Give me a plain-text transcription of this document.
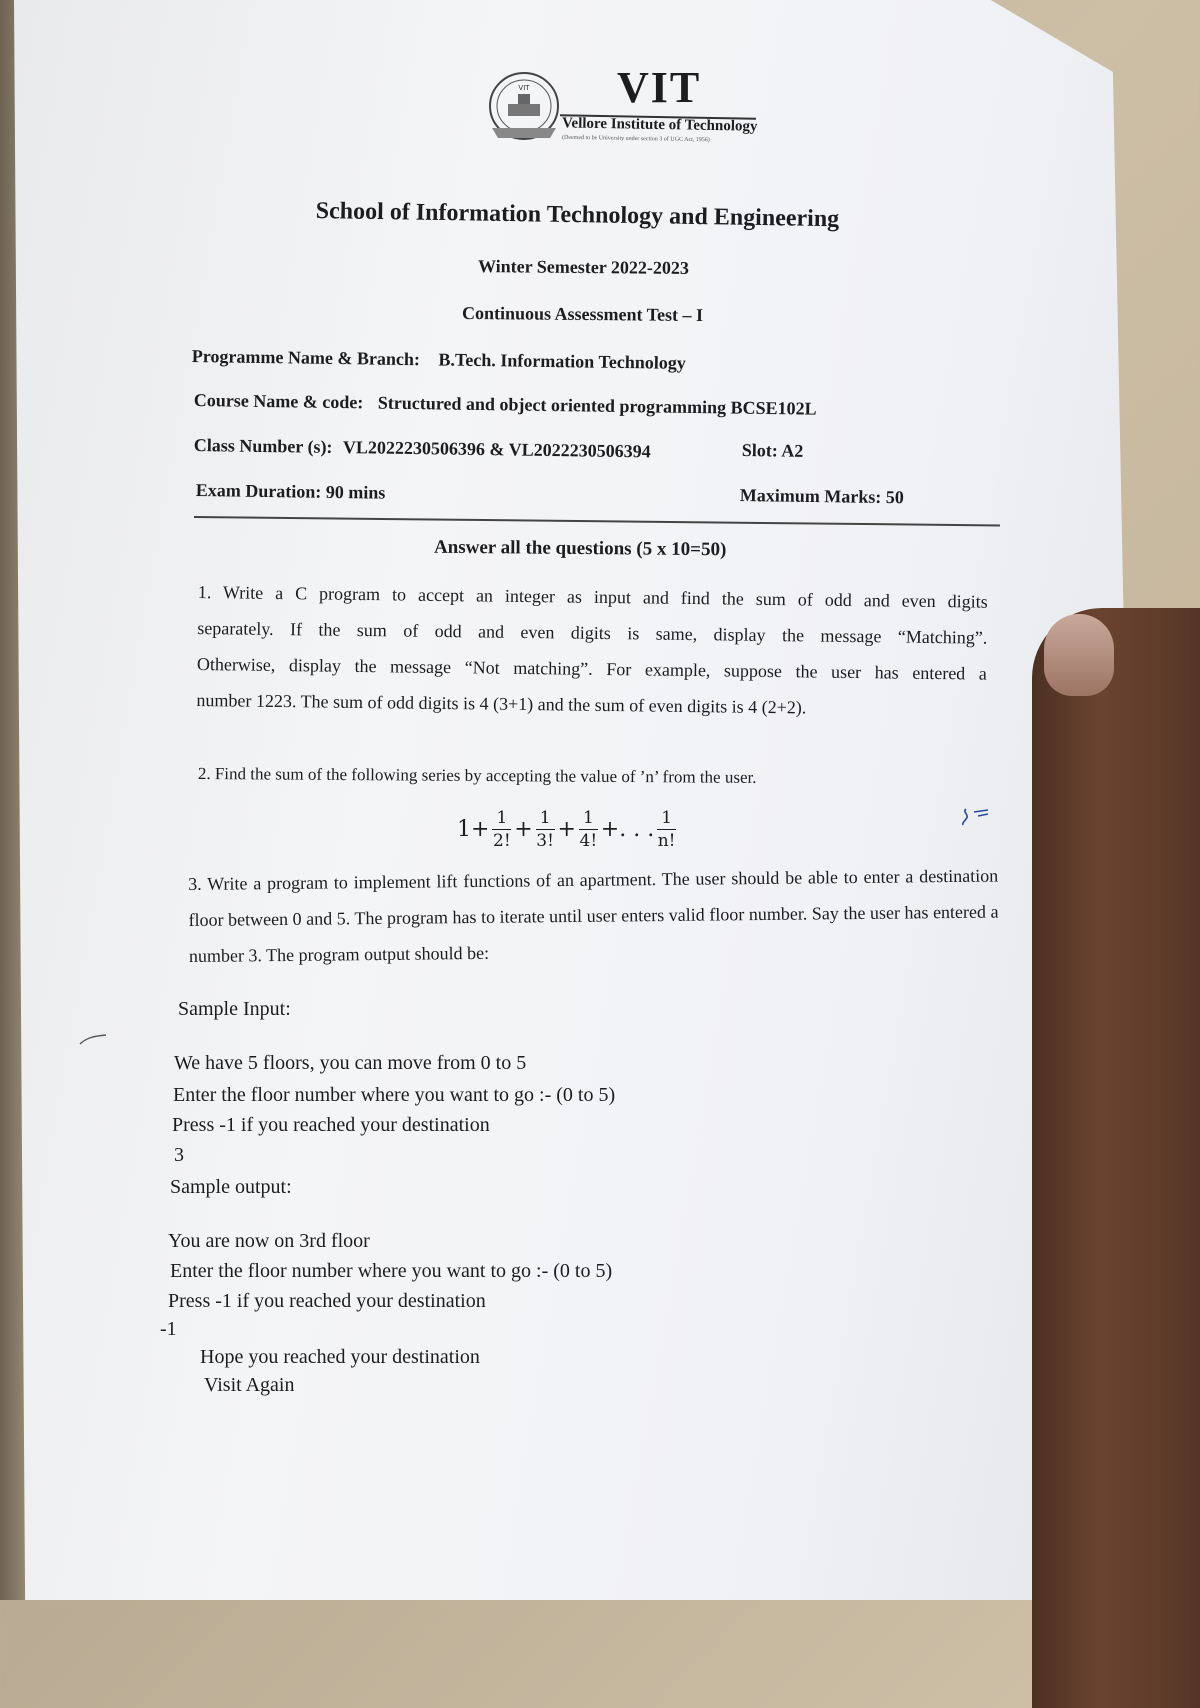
VIT VIT
Vellore Institute of Technology
(Deemed to be University under section 3 of UGC Act, 1956)
School of Information Technology and Engineering
Winter Semester 2022-2023
Continuous Assessment Test – I
Programme Name & Branch: B.Tech. Information Technology
Course Name & code: Structured and object oriented programming BCSE102L
Class Number (s): VL2022230506396 & VL2022230506394	Slot: A2
Exam Duration: 90 mins	Maximum Marks: 50
Answer all the questions (5 x 10=50)
1. Write a C program to accept an integer as input and find the sum of odd and even digits
separately. If the sum of odd and even digits is same, display the message “Matching”.
Otherwise, display the message “Not matching”. For example, suppose the user has entered a
number 1223. The sum of odd digits is 4 (3+1) and the sum of even digits is 4 (2+2).
2. Find the sum of the following series by accepting the value of ’n’ from the user.
$1+ \frac{1}{2!} + \frac{1}{3!} + \frac{1}{4!}$ +. . . $\frac{1}{n!}$
3. Write a program to implement lift functions of an apartment. The user should be able to enter a destination floor between 0 and 5. The program has to iterate until user enters valid floor number. Say the user has entered a number 3. The program output should be:
Sample Input:
We have 5 floors, you can move from 0 to 5
Enter the floor number where you want to go :- (0 to 5)
Press -1 if you reached your destination
3
Sample output:
You are now on 3rd floor
Enter the floor number where you want to go :- (0 to 5)
Press -1 if you reached your destination
-1
Hope you reached your destination
Visit Again
